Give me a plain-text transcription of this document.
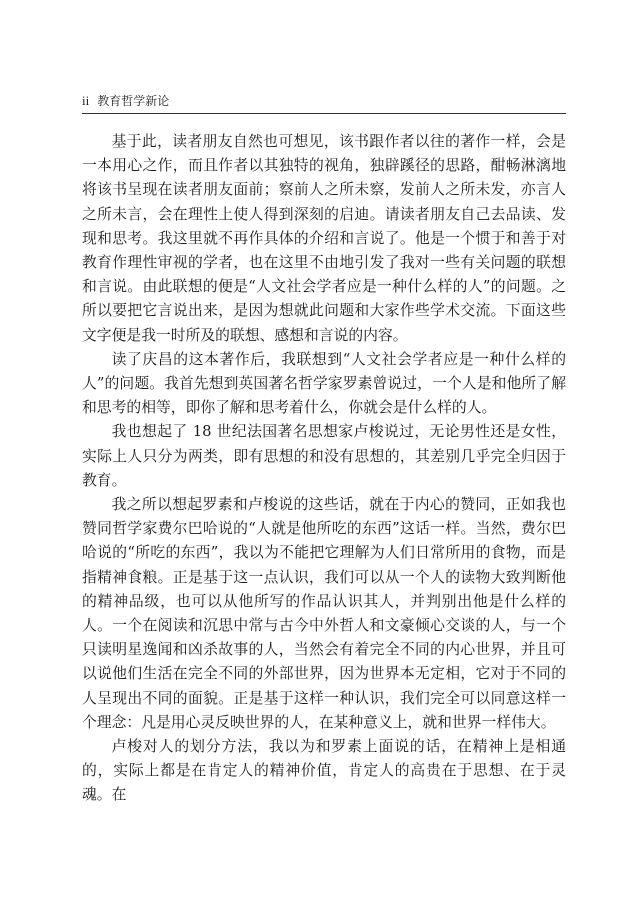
ii 教育哲学新论

基于此，读者朋友自然也可想见，该书跟作者以往的著作一样，会是一本用心之作，而且作者以其独特的视角，独辟蹊径的思路，酣畅淋漓地将该书呈现在读者朋友面前；察前人之所未察，发前人之所未发，亦言人之所未言，会在理性上使人得到深刻的启迪。请读者朋友自己去品读、发现和思考。我这里就不再作具体的介绍和言说了。他是一个惯于和善于对教育作理性审视的学者，也在这里不由地引发了我对一些有关问题的联想和言说。由此联想的便是“人文社会学者应是一种什么样的人”的问题。之所以要把它言说出来，是因为想就此问题和大家作些学术交流。下面这些文字便是我一时所及的联想、感想和言说的内容。

读了庆昌的这本著作后，我联想到“人文社会学者应是一种什么样的人”的问题。我首先想到英国著名哲学家罗素曾说过，一个人是和他所了解和思考的相等，即你了解和思考着什么，你就会是什么样的人。

我也想起了 18 世纪法国著名思想家卢梭说过，无论男性还是女性，实际上人只分为两类，即有思想的和没有思想的，其差别几乎完全归因于教育。

我之所以想起罗素和卢梭说的这些话，就在于内心的赞同，正如我也赞同哲学家费尔巴哈说的“人就是他所吃的东西”这话一样。当然，费尔巴哈说的“所吃的东西”，我以为不能把它理解为人们日常所用的食物，而是指精神食粮。正是基于这一点认识，我们可以从一个人的读物大致判断他的精神品级，也可以从他所写的作品认识其人，并判别出他是什么样的人。一个在阅读和沉思中常与古今中外哲人和文豪倾心交谈的人，与一个只读明星逸闻和凶杀故事的人，当然会有着完全不同的内心世界，并且可以说他们生活在完全不同的外部世界，因为世界本无定相，它对于不同的人呈现出不同的面貌。正是基于这样一种认识，我们完全可以同意这样一个理念：凡是用心灵反映世界的人，在某种意义上，就和世界一样伟大。

卢梭对人的划分方法，我以为和罗素上面说的话，在精神上是相通的，实际上都是在肯定人的精神价值，肯定人的高贵在于思想、在于灵魂。在
